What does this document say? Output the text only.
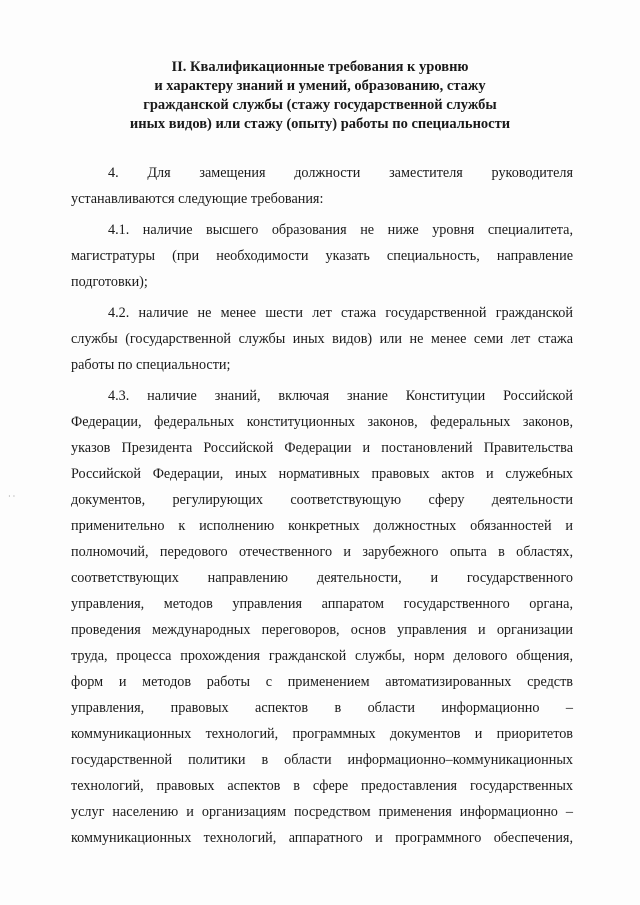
II. Квалификационные требования к уровню
и характеру знаний и умений, образованию, стажу
гражданской службы (стажу государственной службы
иных видов) или стажу (опыту) работы по специальности
4. Для замещения должности заместителя руководителя
устанавливаются следующие требования:
4.1. наличие высшего образования не ниже уровня специалитета,
магистратуры (при необходимости указать специальность, направление
подготовки);
4.2. наличие не менее шести лет стажа государственной гражданской
службы (государственной службы иных видов) или не менее семи лет стажа
работы по специальности;
4.3. наличие знаний, включая знание Конституции Российской
Федерации, федеральных конституционных законов, федеральных законов,
указов Президента Российской Федерации и постановлений Правительства
Российской Федерации, иных нормативных правовых актов и служебных
документов, регулирующих соответствующую сферу деятельности
применительно к исполнению конкретных должностных обязанностей и
полномочий, передового отечественного и зарубежного опыта в областях,
соответствующих направлению деятельности, и государственного
управления, методов управления аппаратом государственного органа,
проведения международных переговоров, основ управления и организации
труда, процесса прохождения гражданской службы, норм делового общения,
форм и методов работы с применением автоматизированных средств
управления, правовых аспектов в области информационно –
коммуникационных технологий, программных документов и приоритетов
государственной политики в области информационно–коммуникационных
технологий, правовых аспектов в сфере предоставления государственных
услуг населению и организациям посредством применения информационно –
коммуникационных технологий, аппаратного и программного обеспечения,
· ·
